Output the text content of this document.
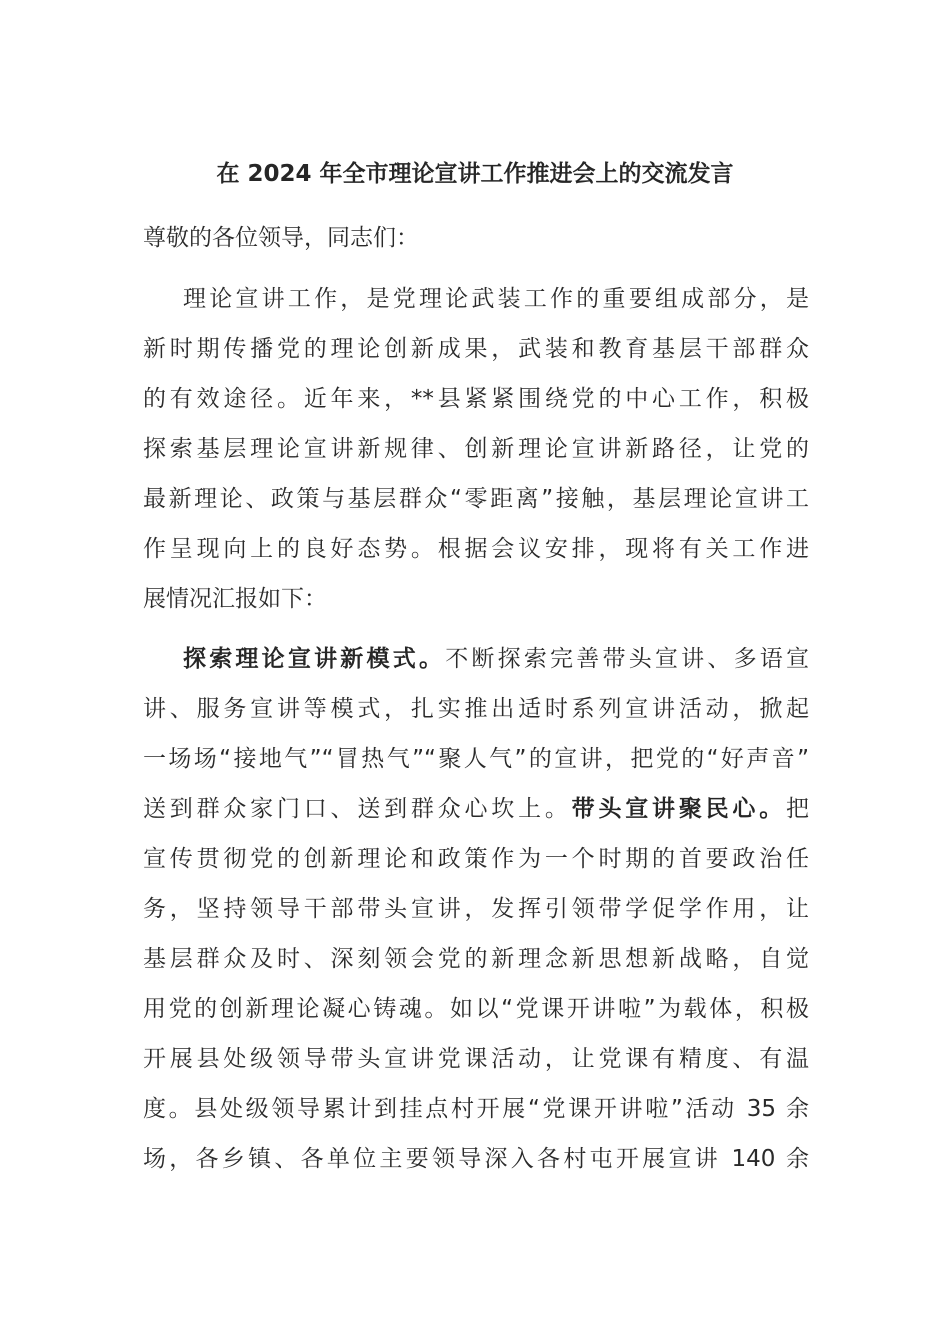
在 2024 年全市理论宣讲工作推进会上的交流发言

尊敬的各位领导，同志们：

理论宣讲工作，是党理论武装工作的重要组成部分，是
新时期传播党的理论创新成果，武装和教育基层干部群众
的有效途径。近年来，**县紧紧围绕党的中心工作，积极
探索基层理论宣讲新规律、创新理论宣讲新路径，让党的
最新理论、政策与基层群众“零距离”接触，基层理论宣讲工
作呈现向上的良好态势。根据会议安排，现将有关工作进
展情况汇报如下：
探索理论宣讲新模式。不断探索完善带头宣讲、多语宣
讲、服务宣讲等模式，扎实推出适时系列宣讲活动，掀起
一场场“接地气”“冒热气”“聚人气”的宣讲，把党的“好声音”
送到群众家门口、送到群众心坎上。带头宣讲聚民心。把
宣传贯彻党的创新理论和政策作为一个时期的首要政治任
务，坚持领导干部带头宣讲，发挥引领带学促学作用，让
基层群众及时、深刻领会党的新理念新思想新战略，自觉
用党的创新理论凝心铸魂。如以“党课开讲啦”为载体，积极
开展县处级领导带头宣讲党课活动，让党课有精度、有温
度。县处级领导累计到挂点村开展“党课开讲啦”活动 35 余
场，各乡镇、各单位主要领导深入各村屯开展宣讲 140 余
